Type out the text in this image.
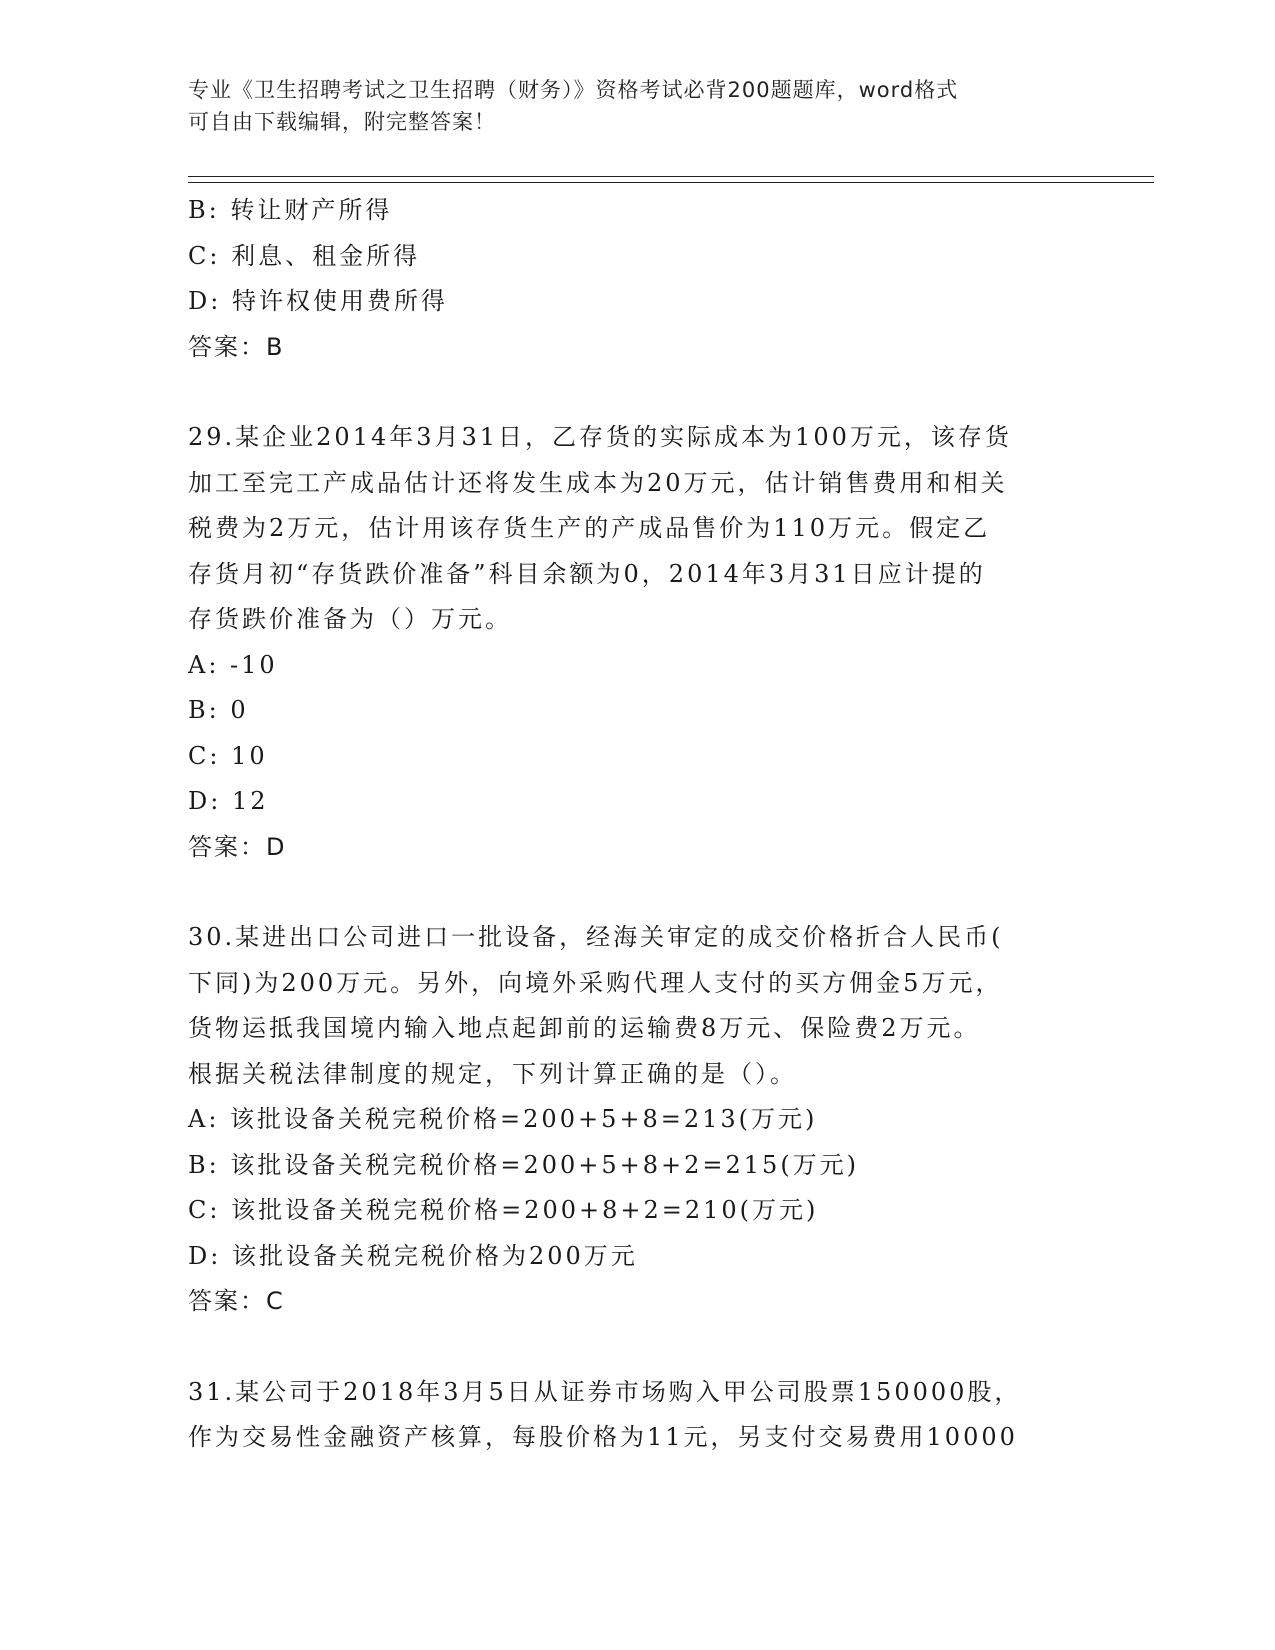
专业《卫生招聘考试之卫生招聘（财务）》资格考试必背200题题库，word格式
可自由下载编辑，附完整答案！
B: 转让财产所得
C: 利息、租金所得
D: 特许权使用费所得
答案：B
29.某企业2014年3月31日，乙存货的实际成本为100万元，该存货
加工至完工产成品估计还将发生成本为20万元，估计销售费用和相关
税费为2万元，估计用该存货生产的产成品售价为110万元。假定乙
存货月初“存货跌价准备”科目余额为0，2014年3月31日应计提的
存货跌价准备为（）万元。
A: -10
B: 0
C: 10
D: 12
答案：D
30.某进出口公司进口一批设备，经海关审定的成交价格折合人民币(
下同)为200万元。另外，向境外采购代理人支付的买方佣金5万元，
货物运抵我国境内输入地点起卸前的运输费8万元、保险费2万元。
根据关税法律制度的规定，下列计算正确的是（）。
A: 该批设备关税完税价格=200+5+8=213(万元)
B: 该批设备关税完税价格=200+5+8+2=215(万元)
C: 该批设备关税完税价格=200+8+2=210(万元)
D: 该批设备关税完税价格为200万元
答案：C
31.某公司于2018年3月5日从证券市场购入甲公司股票150000股，
作为交易性金融资产核算，每股价格为11元，另支付交易费用10000
